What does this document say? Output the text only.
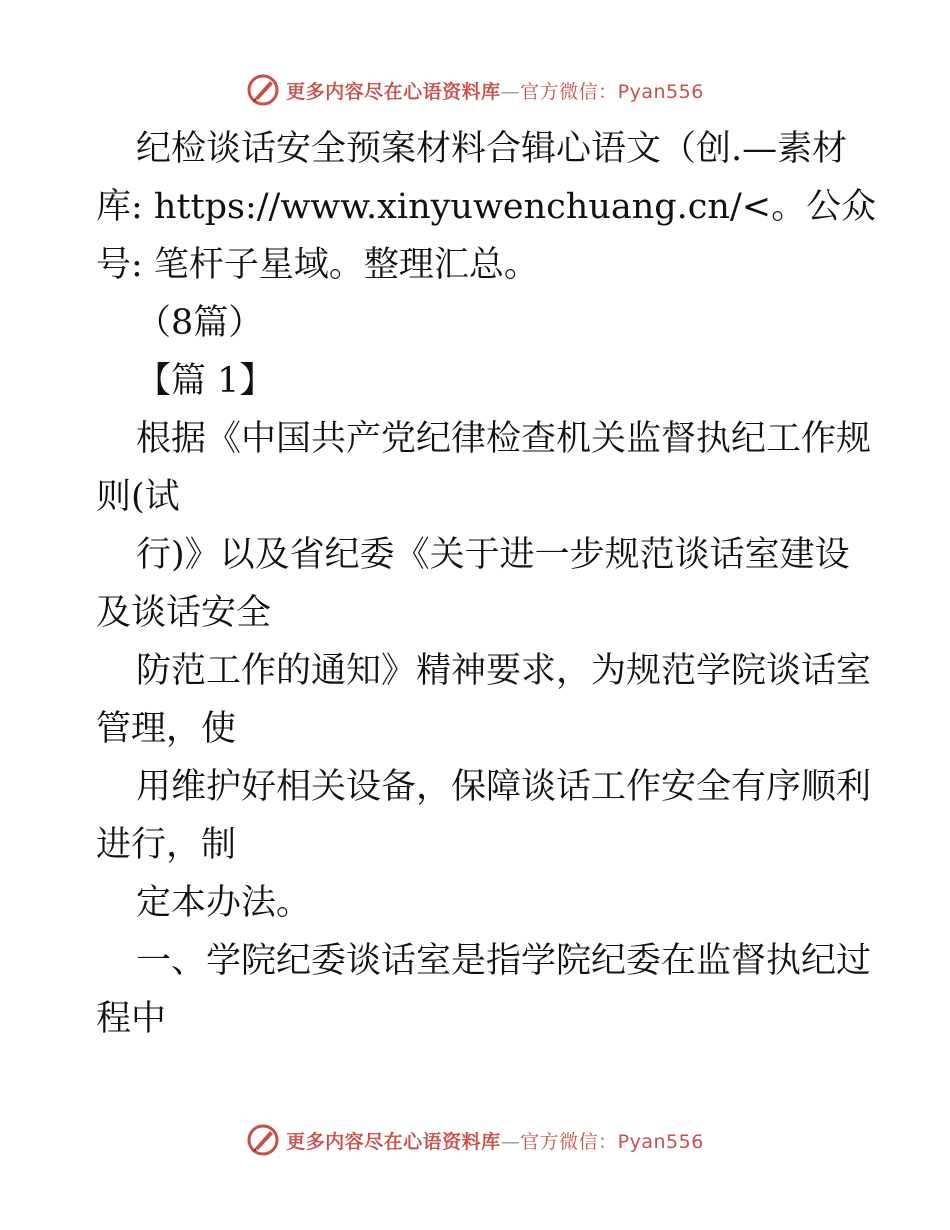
更多内容尽在心语资料库—官方微信：Pyan556

纪检谈话安全预案材料合辑心语文（创.—素材

库: https://www.xinyuwenchuang.cn/<。公众

号: 笔杆子星域。整理汇总。

（8篇）

【篇 1】

根据《中国共产党纪律检查机关监督执纪工作规

则(试

行)》以及省纪委《关于进一步规范谈话室建设

及谈话安全

防范工作的通知》精神要求，为规范学院谈话室

管理，使

用维护好相关设备，保障谈话工作安全有序顺利

进行，制

定本办法。

一、学院纪委谈话室是指学院纪委在监督执纪过

程中

更多内容尽在心语资料库—官方微信：Pyan556
